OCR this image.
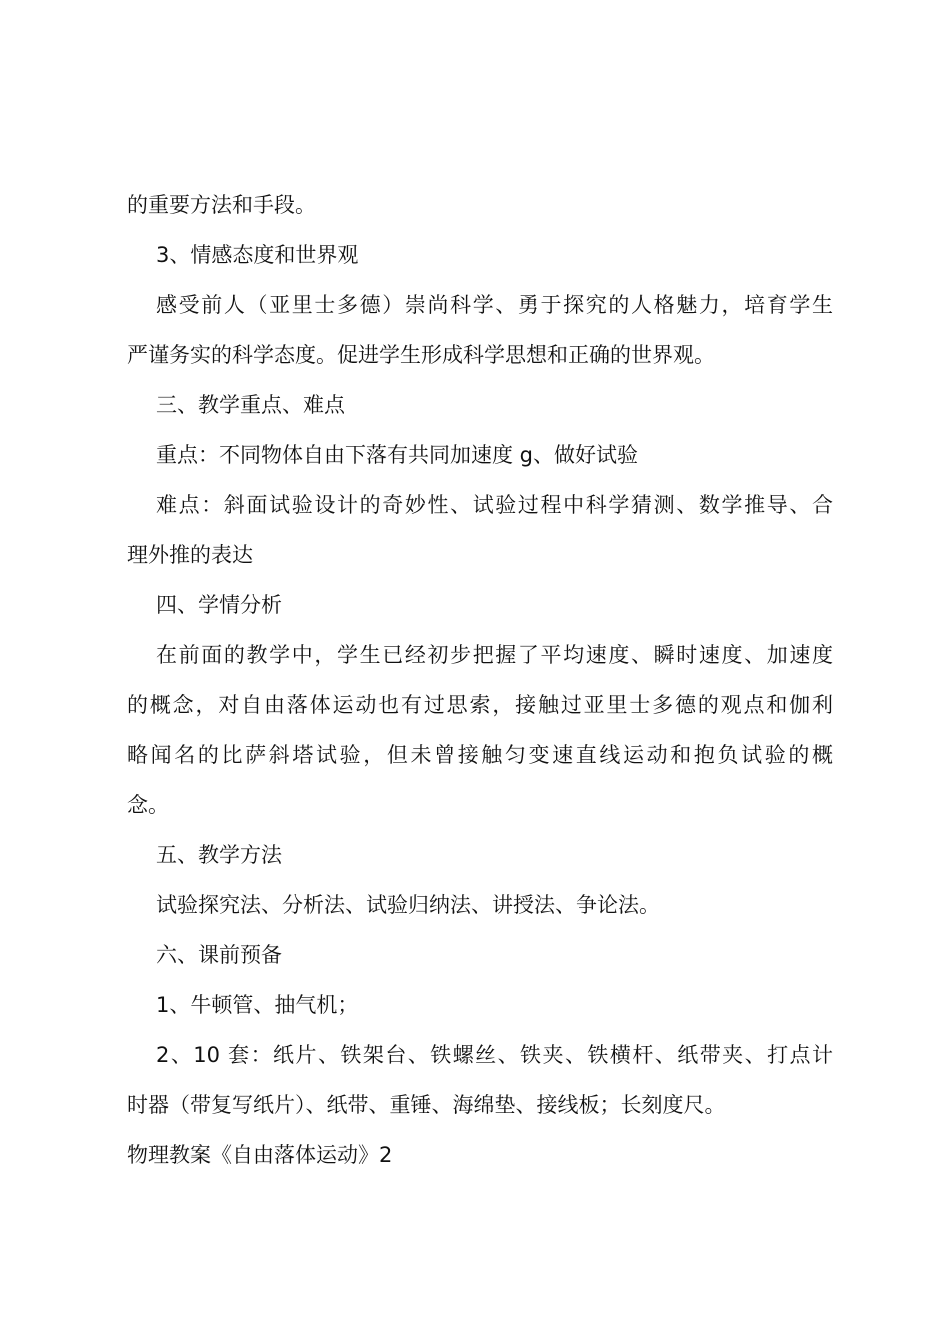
的重要方法和手段。

3、情感态度和世界观

感受前人（亚里士多德）崇尚科学、勇于探究的人格魅力，培育学生
严谨务实的科学态度。促进学生形成科学思想和正确的世界观。

三、教学重点、难点

重点：不同物体自由下落有共同加速度 g、做好试验

难点：斜面试验设计的奇妙性、试验过程中科学猜测、数学推导、合
理外推的表达

四、学情分析

在前面的教学中，学生已经初步把握了平均速度、瞬时速度、加速度
的概念，对自由落体运动也有过思索，接触过亚里士多德的观点和伽利
略闻名的比萨斜塔试验，但未曾接触匀变速直线运动和抱负试验的概
念。

五、教学方法

试验探究法、分析法、试验归纳法、讲授法、争论法。

六、课前预备

1、牛顿管、抽气机；

2、10 套：纸片、铁架台、铁螺丝、铁夹、铁横杆、纸带夹、打点计
时器（带复写纸片）、纸带、重锤、海绵垫、接线板；长刻度尺。

物理教案《自由落体运动》2
